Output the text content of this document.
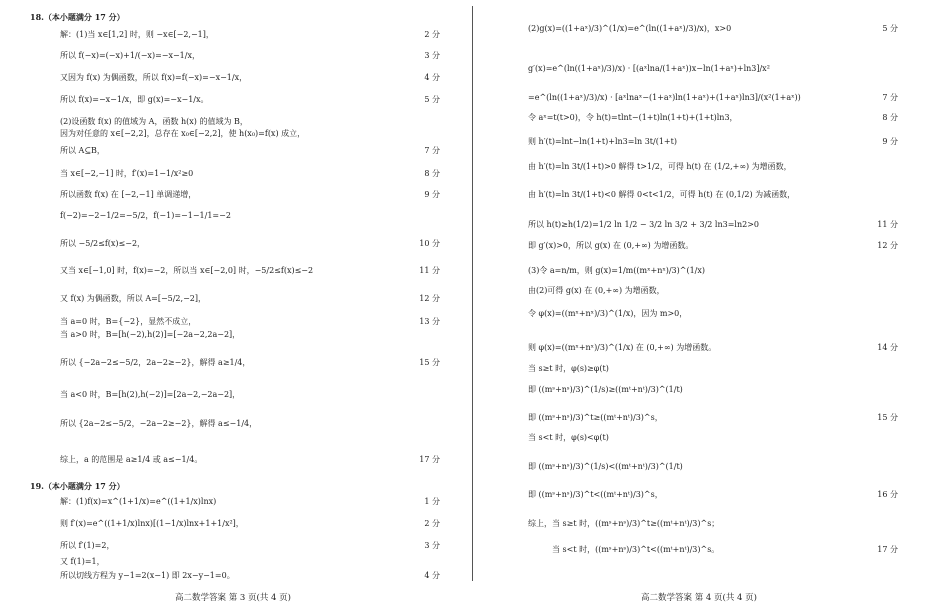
18.（本小题满分 17 分）
解：(1)当 x∈[1,2] 时，则 −x∈[−2,−1]，	2 分
所以 f(−x)=(−x)+1/(−x)=−x−1/x，	3 分
又因为 f(x) 为偶函数，所以 f(x)=f(−x)=−x−1/x，	4 分
所以 f(x)=−x−1/x，即 g(x)=−x−1/x。	5 分
(2)设函数 f(x) 的值域为 A，函数 h(x) 的值域为 B，
因为对任意的 x∈[−2,2]，总存在 x₀∈[−2,2]，使 h(x₀)=f(x) 成立，
所以 A⊆B，	7 分
当 x∈[−2,−1] 时，f′(x)=1−1/x²≥0	8 分
所以函数 f(x) 在 [−2,−1] 单调递增，	9 分
f(−2)=−2−1/2=−5/2，f(−1)=−1−1/1=−2
所以 −5/2≤f(x)≤−2，	10 分
又当 x∈[−1,0] 时，f(x)=−2，所以当 x∈[−2,0] 时，−5/2≤f(x)≤−2	11 分
又 f(x) 为偶函数，所以 A=[−5/2,−2]，	12 分
当 a=0 时，B={−2}，显然不成立，	13 分
当 a>0 时，B=[h(−2),h(2)]=[−2a−2,2a−2]，
所以 {−2a−2≤−5/2，2a−2≥−2}，解得 a≥1/4，	15 分
当 a<0 时，B=[h(2),h(−2)]=[2a−2,−2a−2]，
所以 {2a−2≤−5/2，−2a−2≥−2}，解得 a≤−1/4，
综上，a 的范围是 a≥1/4 或 a≤−1/4。	17 分
19.（本小题满分 17 分）
解：(1)f(x)=x^(1+1/x)=e^((1+1/x)lnx)	1 分
则 f′(x)=e^((1+1/x)lnx)[(1−1/x)lnx+1+1/x²]，	2 分
所以 f′(1)=2，	3 分
又 f(1)=1，
所以切线方程为 y−1=2(x−1) 即 2x−y−1=0。	4 分
高二数学答案 第 3 页(共 4 页)
(2)g(x)=((1+aˣ)/3)^(1/x)=e^(ln((1+aˣ)/3)/x)，x>0	5 分
g′(x)=e^(ln((1+aˣ)/3)/x) · [(aˣlna/(1+aˣ))x−ln(1+aˣ)+ln3]/x²
=e^(ln((1+aˣ)/3)/x) · [aˣlnaˣ−(1+aˣ)ln(1+aˣ)+(1+aˣ)ln3]/(x²(1+aˣ))	7 分
令 aˣ=t(t>0)，令 h(t)=tlnt−(1+t)ln(1+t)+(1+t)ln3，	8 分
则 h′(t)=lnt−ln(1+t)+ln3=ln 3t/(1+t)	9 分
由 h′(t)=ln 3t/(1+t)>0 解得 t>1/2，可得 h(t) 在 (1/2,+∞) 为增函数，
由 h′(t)=ln 3t/(1+t)<0 解得 0<t<1/2，可得 h(t) 在 (0,1/2) 为减函数，
所以 h(t)≥h(1/2)=1/2 ln 1/2 − 3/2 ln 3/2 + 3/2 ln3=ln2>0	11 分
即 g′(x)>0，所以 g(x) 在 (0,+∞) 为增函数。	12 分
(3)令 a=n/m，则 g(x)=1/m((mˣ+nˣ)/3)^(1/x)
由(2)可得 g(x) 在 (0,+∞) 为增函数，
令 φ(x)=((mˣ+nˣ)/3)^(1/x)，因为 m>0，
则 φ(x)=((mˣ+nˣ)/3)^(1/x) 在 (0,+∞) 为增函数。	14 分
当 s≥t 时，φ(s)≥φ(t)
即 ((mˢ+nˢ)/3)^(1/s)≥((mᵗ+nᵗ)/3)^(1/t)
即 ((mˢ+nˢ)/3)^t≥((mᵗ+nᵗ)/3)^s，	15 分
当 s<t 时，φ(s)<φ(t)
即 ((mˢ+nˢ)/3)^(1/s)<((mᵗ+nᵗ)/3)^(1/t)
即 ((mˢ+nˢ)/3)^t<((mᵗ+nᵗ)/3)^s，	16 分
综上，当 s≥t 时，((mˢ+nˢ)/3)^t≥((mᵗ+nᵗ)/3)^s；
当 s<t 时，((mˢ+nˢ)/3)^t<((mᵗ+nᵗ)/3)^s。	17 分
高二数学答案 第 4 页(共 4 页)
